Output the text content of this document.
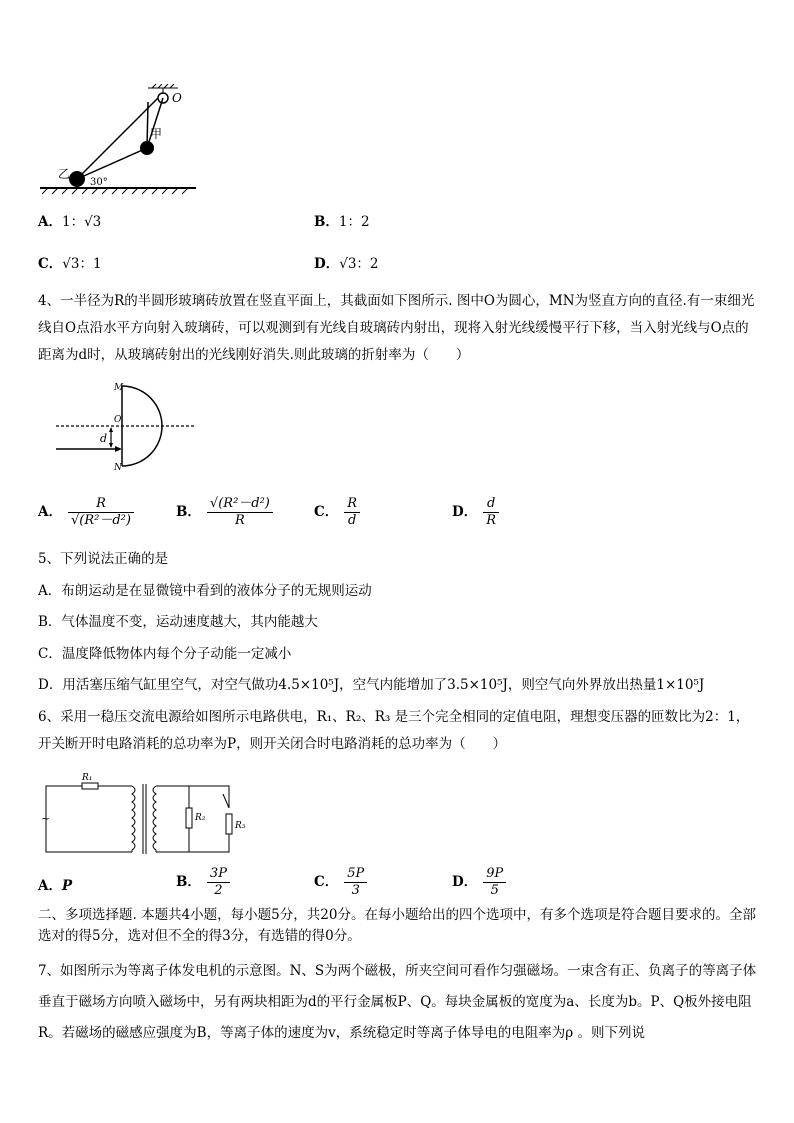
O
甲
乙
30°
A．1：√3	B．1：2
C．√3：1	D．√3：2
4、一半径为R的半圆形玻璃砖放置在竖直平面上，其截面如下图所示. 图中O为圆心，MN为竖直方向的直径.有一束细光线自O点沿水平方向射入玻璃砖，可以观测到有光线自玻璃砖内射出，现将入射光线缓慢平行下移，当入射光线与O点的距离为d时，从玻璃砖射出的光线刚好消失.则此玻璃的折射率为（　　）
M
O
d
N
A． $\frac{R}{\text{√(R²－d²)}}$	B． $\frac{\text{√(R²－d²)}}{R}$	C． $\frac{R}{d}$	D． $\frac{d}{R}$
5、下列说法正确的是
A．布朗运动是在显微镜中看到的液体分子的无规则运动
B．气体温度不变，运动速度越大，其内能越大
C．温度降低物体内每个分子动能一定减小
D．用活塞压缩气缸里空气，对空气做功4.5×10⁵J，空气内能增加了3.5×10⁵J，则空气向外界放出热量1×10⁵J
6、采用一稳压交流电源给如图所示电路供电，R₁、R₂、R₃ 是三个完全相同的定值电阻，理想变压器的匝数比为2：1，开关断开时电路消耗的总功率为P，则开关闭合时电路消耗的总功率为（　　）
R₁
R₂
R₃
~
A．P	B． $\frac{3P}{2}$	C． $\frac{5P}{3}$	D． $\frac{9P}{5}$
二、多项选择题. 本题共4小题，每小题5分，共20分。在每小题给出的四个选项中，有多个选项是符合题目要求的。全部选对的得5分，选对但不全的得3分，有选错的得0分。
7、如图所示为等离子体发电机的示意图。N、S为两个磁极，所夹空间可看作匀强磁场。一束含有正、负离子的等离子体垂直于磁场方向喷入磁场中，另有两块相距为d的平行金属板P、Q。每块金属板的宽度为a、长度为b。P、Q板外接电阻R。若磁场的磁感应强度为B，等离子体的速度为v，系统稳定时等离子体导电的电阻率为ρ 。则下列说
